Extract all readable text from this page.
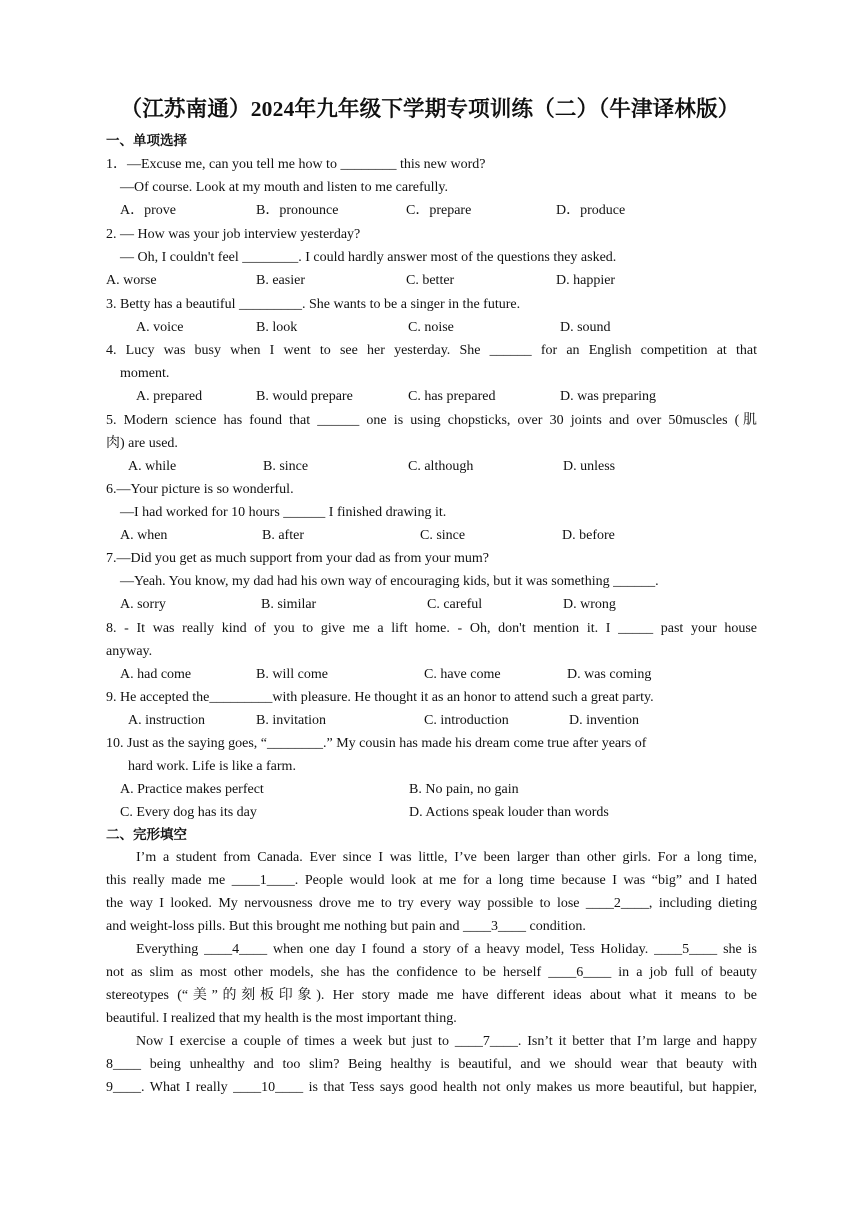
（江苏南通）2024年九年级下学期专项训练（二）（牛津译林版）
一、单项选择
1．—Excuse me, can you tell me how to ________ this new word?
—Of course. Look at my mouth and listen to me carefully.
A．prove	B．pronounce	C．prepare	D．produce
2. — How was your job interview yesterday?
— Oh, I couldn't feel ________. I could hardly answer most of the questions they asked.
A. worse	B. easier	C. better	D. happier
3. Betty has a beautiful _________. She wants to be a singer in the future.
A. voice	B. look	C. noise	D. sound
4. Lucy was busy when I went to see her yesterday. She ______ for an English competition at that
moment.
A. prepared	B. would prepare	C. has prepared	D. was preparing
5. Modern science has found that ______ one is using chopsticks, over 30 joints and over 50muscles (肌
肉) are used.
A. while	B. since	C. although	D. unless
6.—Your picture is so wonderful.
—I had worked for 10 hours ______ I finished drawing it.
A. when	B. after	C. since	D. before
7.—Did you get as much support from your dad as from your mum?
—Yeah. You know, my dad had his own way of encouraging kids, but it was something ______.
A. sorry	B. similar	C. careful	D. wrong
8. - It was really kind of you to give me a lift home. - Oh, don't mention it. I _____ past your house
anyway.
A. had come	B. will come	C. have come	D. was coming
9. He accepted the_________with pleasure. He thought it as an honor to attend such a great party.
A. instruction	B. invitation	C. introduction	D. invention
10. Just as the saying goes, “________.” My cousin has made his dream come true after years of
hard work. Life is like a farm.
A. Practice makes perfect	B. No pain, no gain
C. Every dog has its day	D. Actions speak louder than words
二、完形填空
I’m a student from Canada. Ever since I was little, I’ve been larger than other girls. For a long time,
this really made me ____1____. People would look at me for a long time because I was “big” and I hated
the way I looked. My nervousness drove me to try every way possible to lose ____2____, including dieting
and weight-loss pills. But this brought me nothing but pain and ____3____ condition.
Everything ____4____ when one day I found a story of a heavy model, Tess Holiday. ____5____ she is
not as slim as most other models, she has the confidence to be herself ____6____ in a job full of beauty
stereotypes (“美”的刻板印象). Her story made me have different ideas about what it means to be
beautiful. I realized that my health is the most important thing.
Now I exercise a couple of times a week but just to ____7____. Isn’t it better that I’m large and happy
8____ being unhealthy and too slim? Being healthy is beautiful, and we should wear that beauty with
9____. What I really ____10____ is that Tess says good health not only makes us more beautiful, but happier,
